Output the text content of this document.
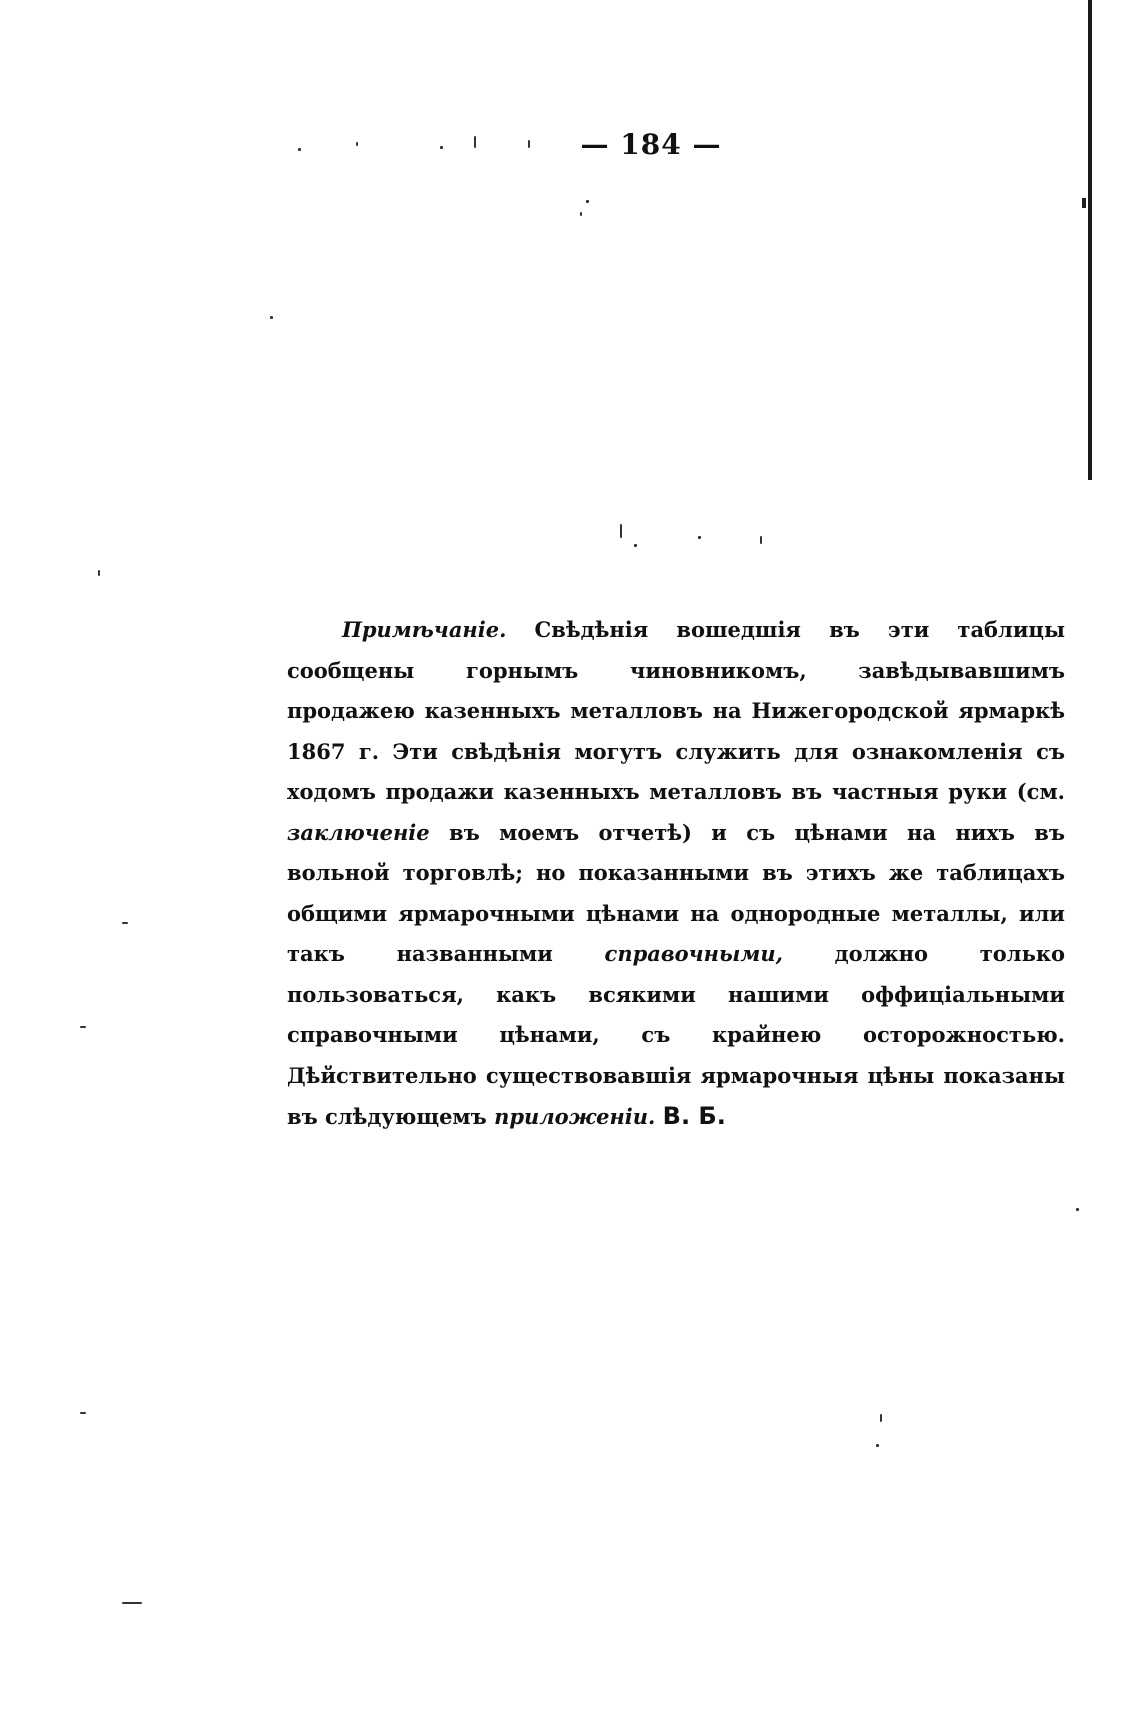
— 184 —

Примѣчаніе. Свѣдѣнія вошедшія въ эти таблицы сообщены горнымъ чиновникомъ, завѣдывавшимъ продажею казенныхъ металловъ на Нижегородской ярмаркѣ 1867 г. Эти свѣдѣнія могутъ служить для ознакомленія съ ходомъ продажи казенныхъ металловъ въ частныя руки (см. заключеніе въ моемъ отчетѣ) и съ цѣнами на нихъ въ вольной торговлѣ; но показанными въ этихъ же таблицахъ общими ярмарочными цѣнами на однородные металлы, или такъ названными справочными, должно только пользоваться, какъ всякими нашими оффиціальными справочными цѣнами, съ крайнею осторожностью. Дѣйствительно существовавшія ярмарочныя цѣны показаны въ слѣдующемъ приложеніи. В. Б.
